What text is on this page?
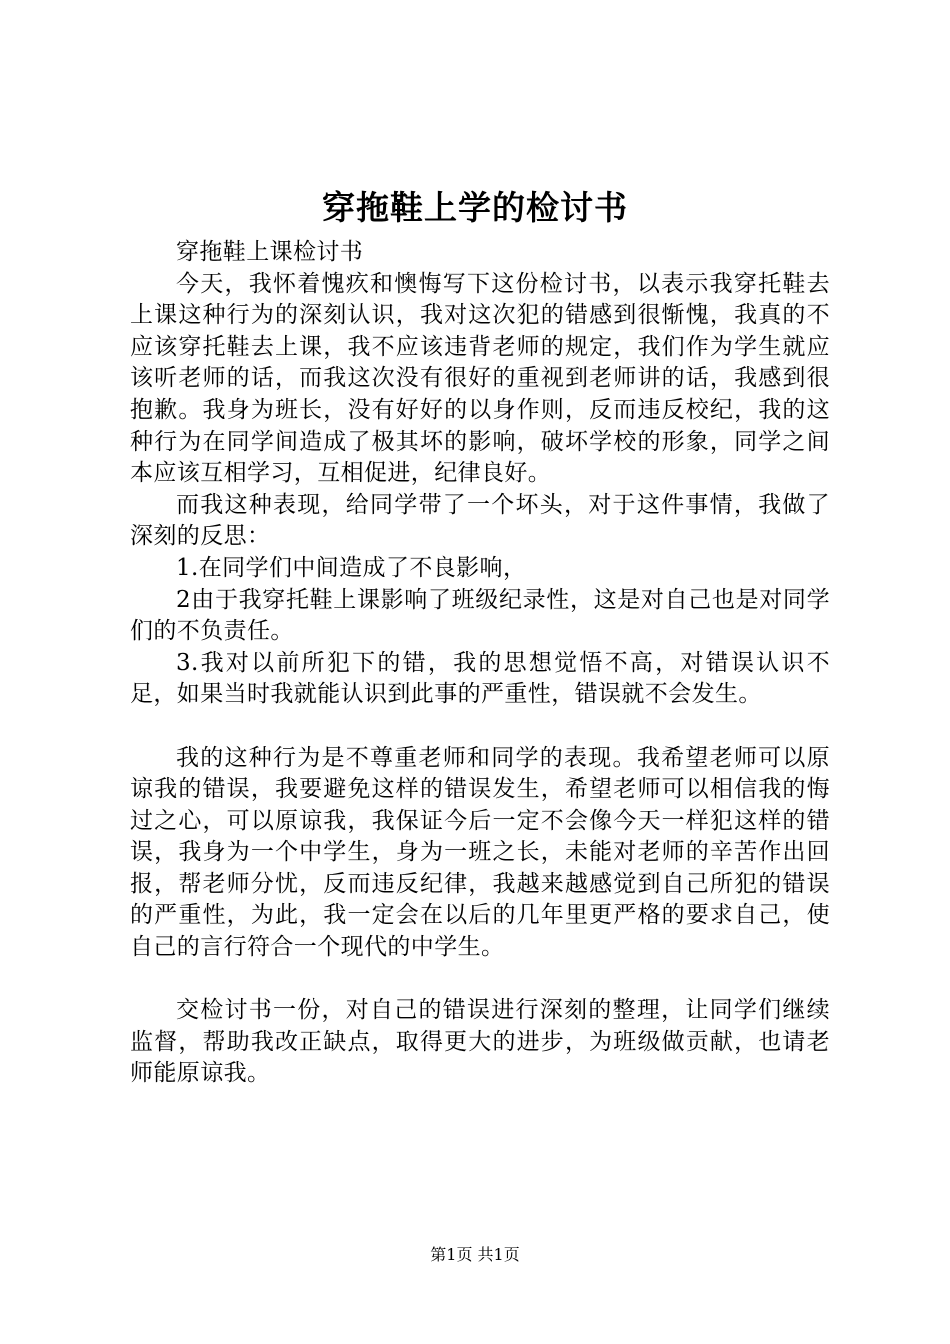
穿拖鞋上学的检讨书

穿拖鞋上课检讨书

今天，我怀着愧疚和懊悔写下这份检讨书，以表示我穿托鞋去上课这种行为的深刻认识，我对这次犯的错感到很惭愧，我真的不应该穿托鞋去上课，我不应该违背老师的规定，我们作为学生就应该听老师的话，而我这次没有很好的重视到老师讲的话，我感到很抱歉。我身为班长，没有好好的以身作则，反而违反校纪，我的这种行为在同学间造成了极其坏的影响，破坏学校的形象，同学之间本应该互相学习，互相促进，纪律良好。

而我这种表现，给同学带了一个坏头，对于这件事情，我做了深刻的反思：

1.在同学们中间造成了不良影响，

2由于我穿托鞋上课影响了班级纪录性，这是对自己也是对同学们的不负责任。

3.我对以前所犯下的错，我的思想觉悟不高，对错误认识不足，如果当时我就能认识到此事的严重性，错误就不会发生。

我的这种行为是不尊重老师和同学的表现。我希望老师可以原谅我的错误，我要避免这样的错误发生，希望老师可以相信我的悔过之心，可以原谅我，我保证今后一定不会像今天一样犯这样的错误，我身为一个中学生，身为一班之长，未能对老师的辛苦作出回报，帮老师分忧，反而违反纪律，我越来越感觉到自己所犯的错误的严重性，为此，我一定会在以后的几年里更严格的要求自己，使自己的言行符合一个现代的中学生。

交检讨书一份，对自己的错误进行深刻的整理，让同学们继续监督，帮助我改正缺点，取得更大的进步，为班级做贡献，也请老师能原谅我。

第1页 共1页
